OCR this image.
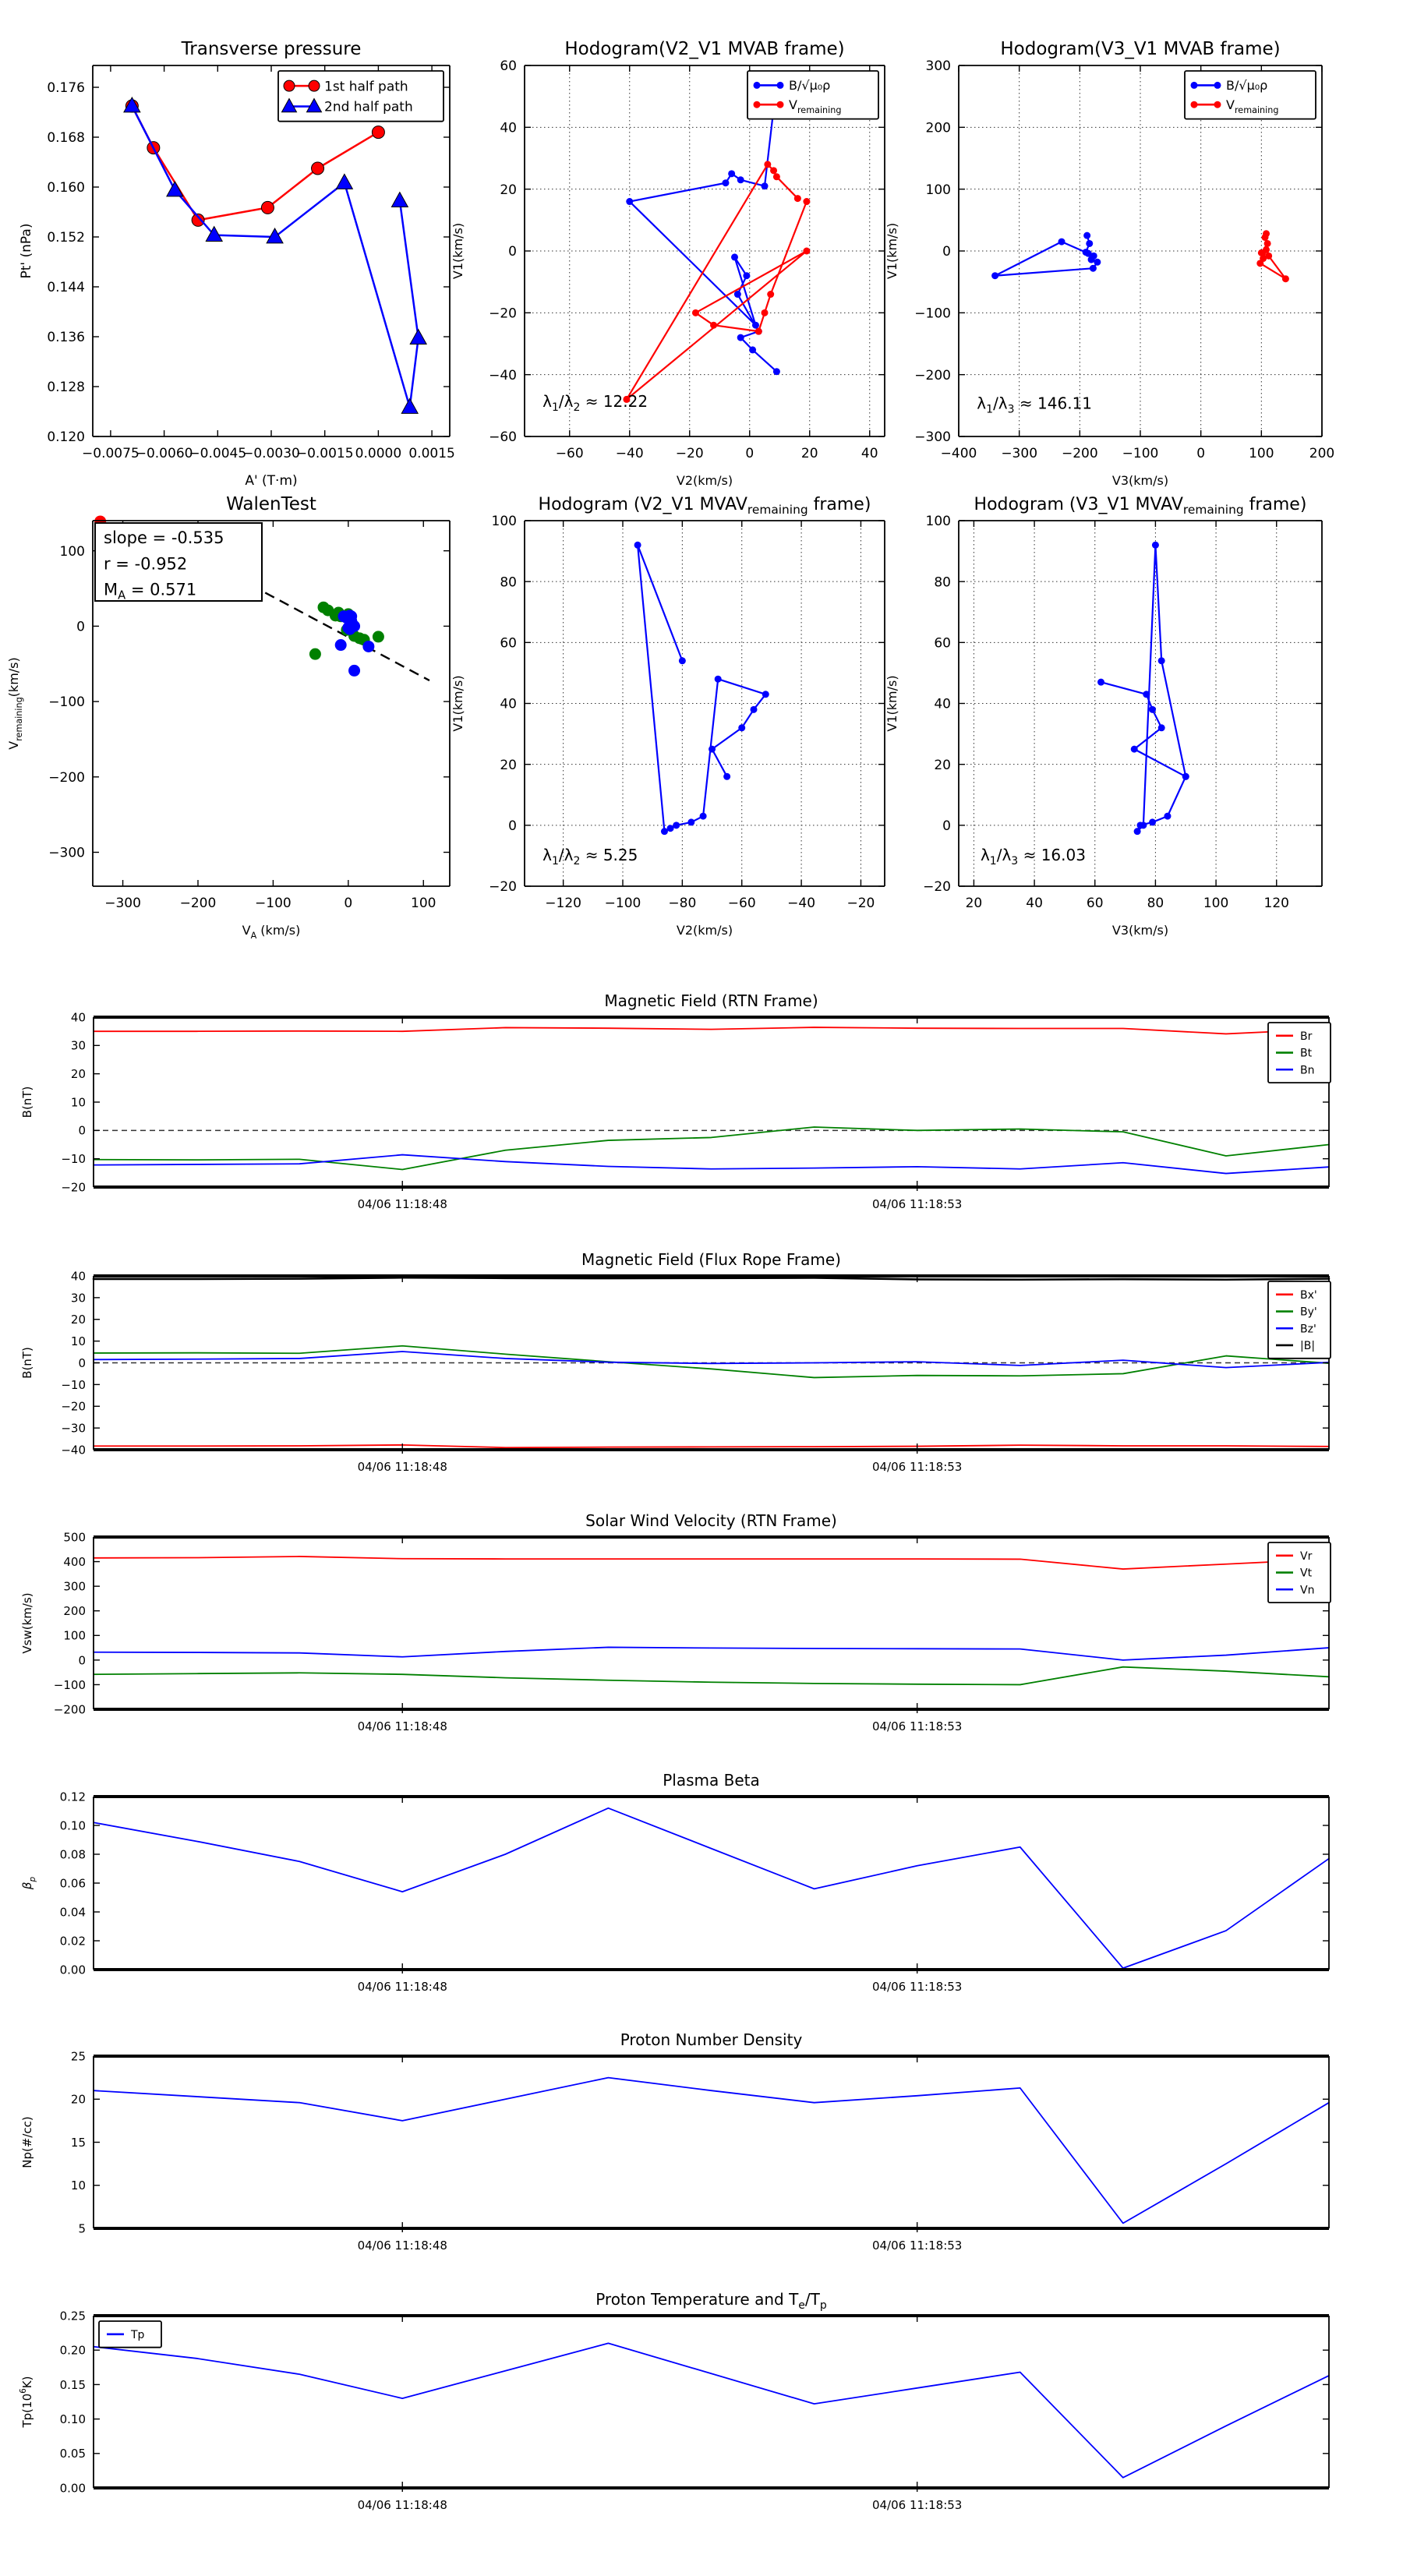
−0.0075
−0.0060
−0.0045
−0.0030
−0.0015 0.0000 0.0015
0.120
0.128
0.136
0.144
0.152
0.160
0.168
0.176
Transverse pressure
A' (T·m)
Pt' (nPa)
1st half path
2nd half path
−60 −40 −20	0	20	40
−60
−40
−20
0
20
40
60
Hodogram(V2_V1 MVAB frame)
V2(km/s)
V1(km/s)
$\lambda_1/\lambda_2 \approx 12.22$
B/√μ₀ρ
$V_{remaining}$
−400 −300 −200 −100	0	100	200
−300
−200
−100
0
100
200
300
Hodogram(V3_V1 MVAB frame)
V3(km/s)
V1(km/s)
$\lambda_1/\lambda_3 \approx 146.11$
B/√μ₀ρ
$V_{remaining}$
−300	−200	−100	0	100
−300
−200
−100
0
100
WalenTest
$V_A$ (km/s)
$V_{remaining}(km/s)$
slope = -0.535
r = -0.952
$M_A = 0.571$
−120 −100 −80 −60 −40 −20
−20
0
20
40
60
80
100
Hodogram (V2_V1 $MVAV_{remaining}$ frame)
V2(km/s)
V1(km/s)
$\lambda_1/\lambda_2 \approx 5.25$
20	40	60	80	100	120
−20
0
20
40
60
80
100
Hodogram (V3_V1 $MVAV_{remaining}$ frame)
V3(km/s)
V1(km/s)
$\lambda_1/\lambda_3 \approx 16.03$
04/06 11:18:48	04/06 11:18:53
−20
−10
0
10
20
30
40
Magnetic Field (RTN Frame)
B(nT)
Br
Bt
Bn
04/06 11:18:48	04/06 11:18:53
−40
−30
−20
−10
0
10
20
30
40
Magnetic Field (Flux Rope Frame)
B(nT)
Bx'
By'
Bz'
|B|
04/06 11:18:48	04/06 11:18:53
−200
−100
0
100
200
300
400
500
Solar Wind Velocity (RTN Frame)
Vsw(km/s)
Vr
Vt
Vn
04/06 11:18:48	04/06 11:18:53
0.00
0.02
0.04
0.06
0.08
0.10
0.12
Plasma Beta
$\beta_p$
04/06 11:18:48	04/06 11:18:53
5
10
15
20
25
Proton Number Density
Np(#/cc)
04/06 11:18:48	04/06 11:18:53
0.00
0.05
0.10
0.15
0.20
0.25
Proton Temperature and $T_e/T_p$
$Tp(10^6K)$
Tp
